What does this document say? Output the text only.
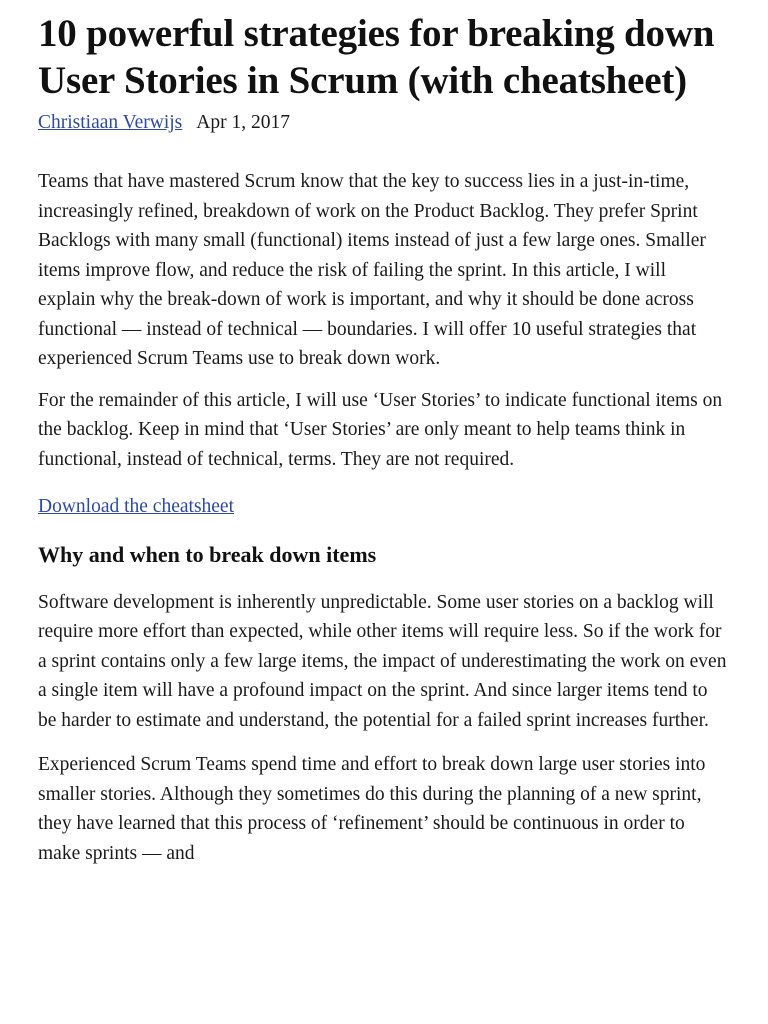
10 powerful strategies for breaking down User Stories in Scrum (with cheatsheet)
Christiaan Verwijs Apr 1, 2017

Teams that have mastered Scrum know that the key to success lies in a just-in-time, increasingly refined, breakdown of work on the Product Backlog. They prefer Sprint Backlogs with many small (functional) items instead of just a few large ones. Smaller items improve flow, and reduce the risk of failing the sprint. In this article, I will explain why the break-down of work is important, and why it should be done across functional — instead of technical — boundaries. I will offer 10 useful strategies that experienced Scrum Teams use to break down work.

For the remainder of this article, I will use ‘User Stories’ to indicate functional items on the backlog. Keep in mind that ‘User Stories’ are only meant to help teams think in functional, instead of technical, terms. They are not required.

Download the cheatsheet
Why and when to break down items

Software development is inherently unpredictable. Some user stories on a backlog will require more effort than expected, while other items will require less. So if the work for a sprint contains only a few large items, the impact of underestimating the work on even a single item will have a profound impact on the sprint. And since larger items tend to be harder to estimate and understand, the potential for a failed sprint increases further.

Experienced Scrum Teams spend time and effort to break down large user stories into smaller stories. Although they sometimes do this during the planning of a new sprint, they have learned that this process of ‘refinement’ should be continuous in order to make sprints — and
